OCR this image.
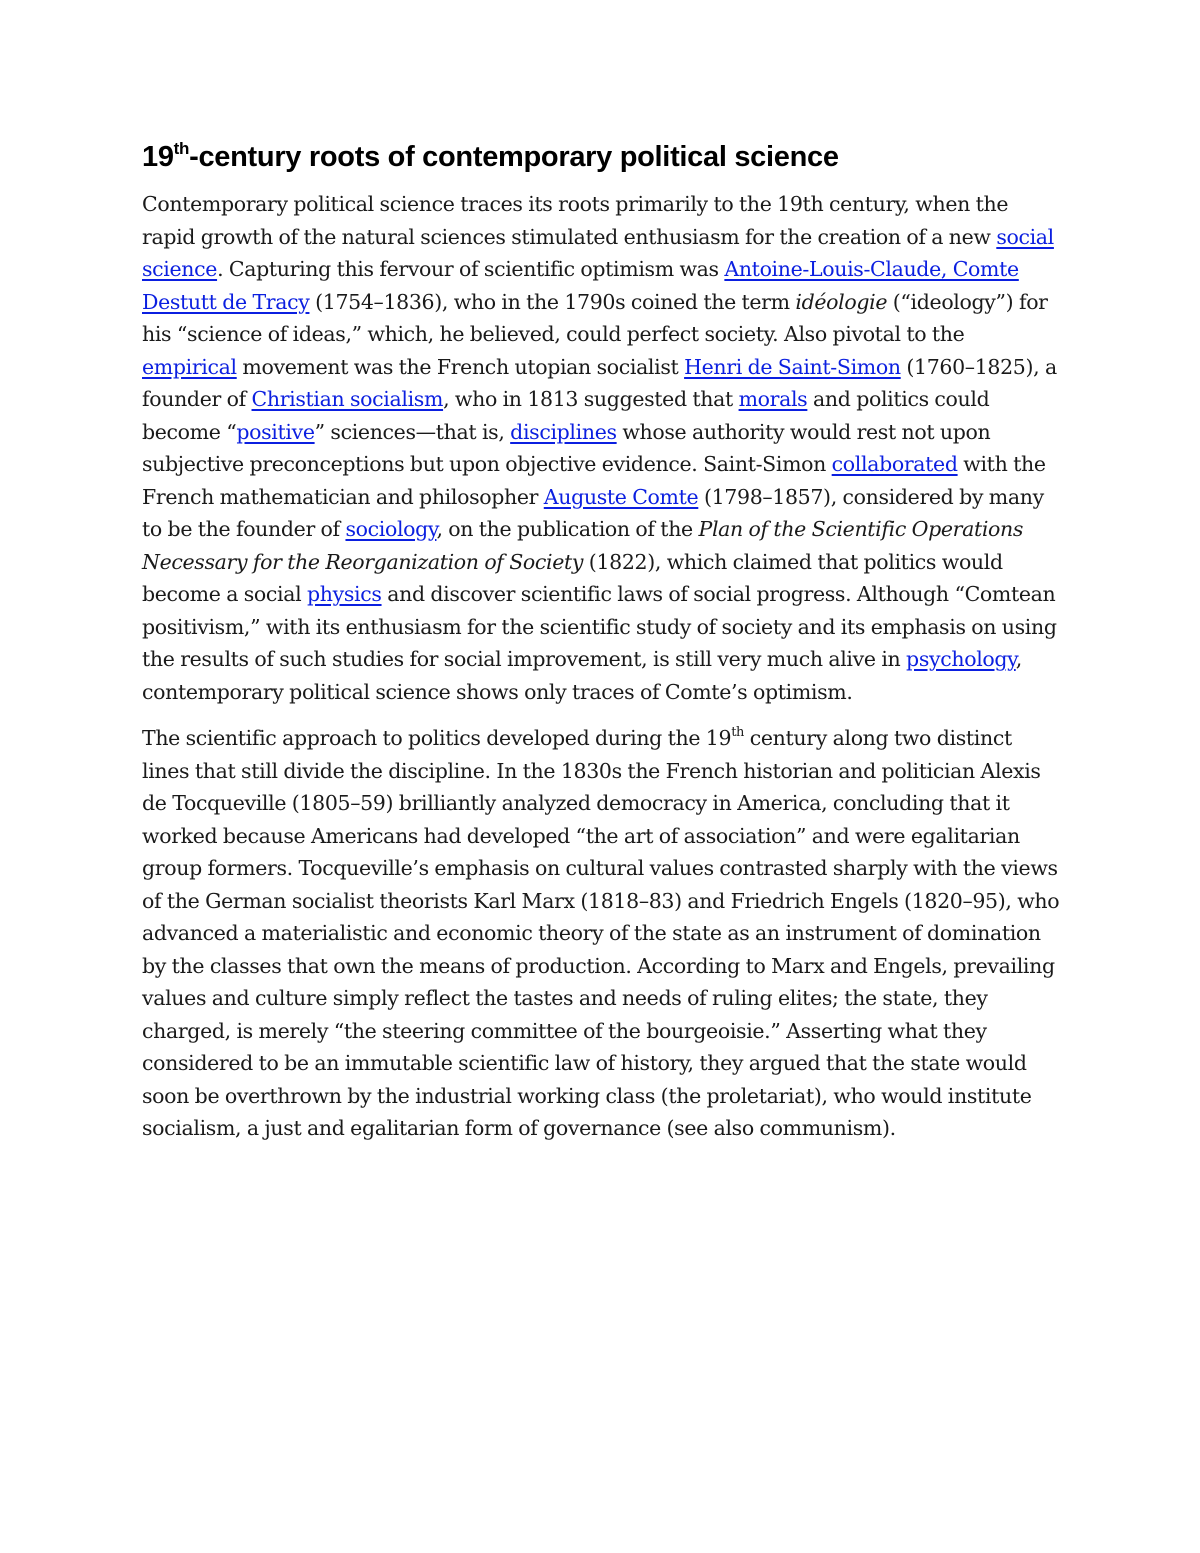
19th-century roots of contemporary political science

Contemporary political science traces its roots primarily to the 19th century, when the rapid growth of the natural sciences stimulated enthusiasm for the creation of a new social science. Capturing this fervour of scientific optimism was Antoine-Louis-Claude, Comte Destutt de Tracy (1754–1836), who in the 1790s coined the term idéologie (“ideology”) for his “science of ideas,” which, he believed, could perfect society. Also pivotal to the empirical movement was the French utopian socialist Henri de Saint-Simon (1760–1825), a founder of Christian socialism, who in 1813 suggested that morals and politics could become “positive” sciences—that is, disciplines whose authority would rest not upon subjective preconceptions but upon objective evidence. Saint-Simon collaborated with the French mathematician and philosopher Auguste Comte (1798–1857), considered by many to be the founder of sociology, on the publication of the Plan of the Scientific Operations Necessary for the Reorganization of Society (1822), which claimed that politics would become a social physics and discover scientific laws of social progress. Although “Comtean positivism,” with its enthusiasm for the scientific study of society and its emphasis on using the results of such studies for social improvement, is still very much alive in psychology, contemporary political science shows only traces of Comte’s optimism.

The scientific approach to politics developed during the 19th century along two distinct lines that still divide the discipline. In the 1830s the French historian and politician Alexis de Tocqueville (1805–59) brilliantly analyzed democracy in America, concluding that it worked because Americans had developed “the art of association” and were egalitarian group formers. Tocqueville’s emphasis on cultural values contrasted sharply with the views of the German socialist theorists Karl Marx (1818–83) and Friedrich Engels (1820–95), who advanced a materialistic and economic theory of the state as an instrument of domination by the classes that own the means of production. According to Marx and Engels, prevailing values and culture simply reflect the tastes and needs of ruling elites; the state, they charged, is merely “the steering committee of the bourgeoisie.” Asserting what they considered to be an immutable scientific law of history, they argued that the state would soon be overthrown by the industrial working class (the proletariat), who would institute socialism, a just and egalitarian form of governance (see also communism).
